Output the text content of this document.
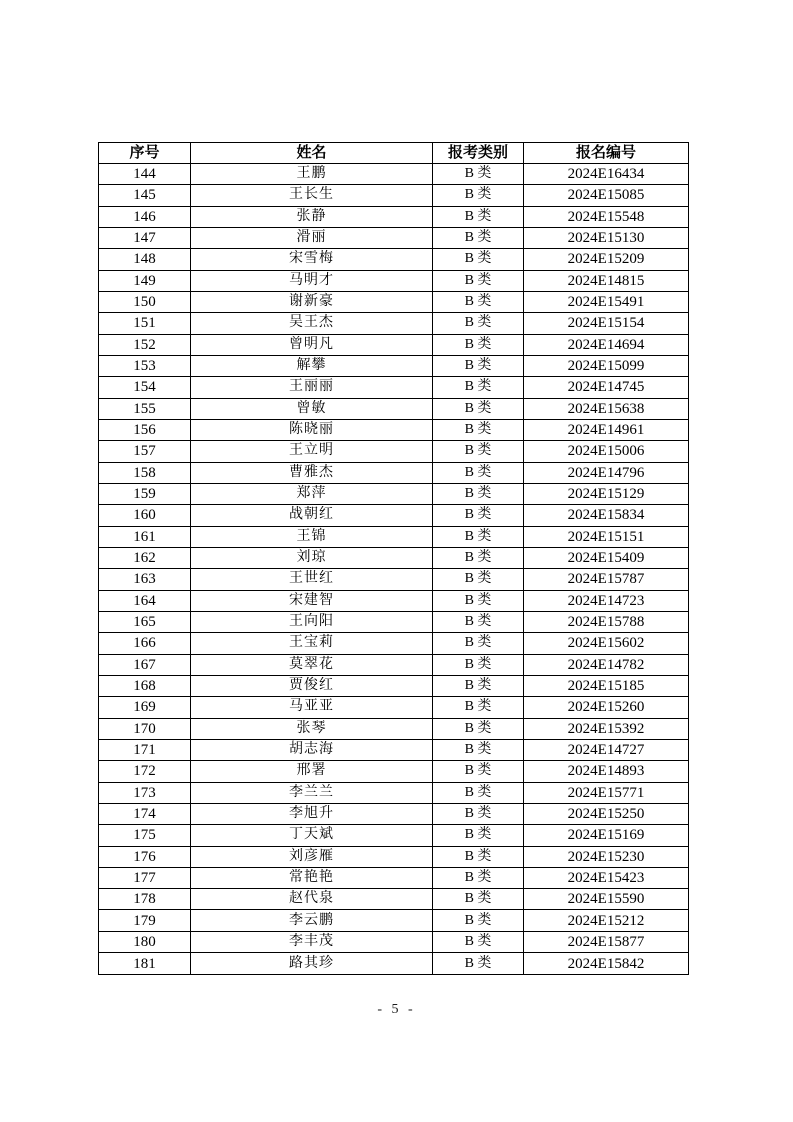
序号	姓名	报考类别	报名编号
144	王鹏	B 类	2024E16434
145	王长生	B 类	2024E15085
146	张静	B 类	2024E15548
147	滑丽	B 类	2024E15130
148	宋雪梅	B 类	2024E15209
149	马明才	B 类	2024E14815
150	谢新豪	B 类	2024E15491
151	吴王杰	B 类	2024E15154
152	曾明凡	B 类	2024E14694
153	解攀	B 类	2024E15099
154	王丽丽	B 类	2024E14745
155	曾敏	B 类	2024E15638
156	陈晓丽	B 类	2024E14961
157	王立明	B 类	2024E15006
158	曹雅杰	B 类	2024E14796
159	郑萍	B 类	2024E15129
160	战朝红	B 类	2024E15834
161	王锦	B 类	2024E15151
162	刘琼	B 类	2024E15409
163	王世红	B 类	2024E15787
164	宋建智	B 类	2024E14723
165	王向阳	B 类	2024E15788
166	王宝莉	B 类	2024E15602
167	莫翠花	B 类	2024E14782
168	贾俊红	B 类	2024E15185
169	马亚亚	B 类	2024E15260
170	张琴	B 类	2024E15392
171	胡志海	B 类	2024E14727
172	邢署	B 类	2024E14893
173	李兰兰	B 类	2024E15771
174	李旭升	B 类	2024E15250
175	丁天斌	B 类	2024E15169
176	刘彦雁	B 类	2024E15230
177	常艳艳	B 类	2024E15423
178	赵代泉	B 类	2024E15590
179	李云鹏	B 类	2024E15212
180	李丰茂	B 类	2024E15877
181	路其珍	B 类	2024E15842
- 5 -
